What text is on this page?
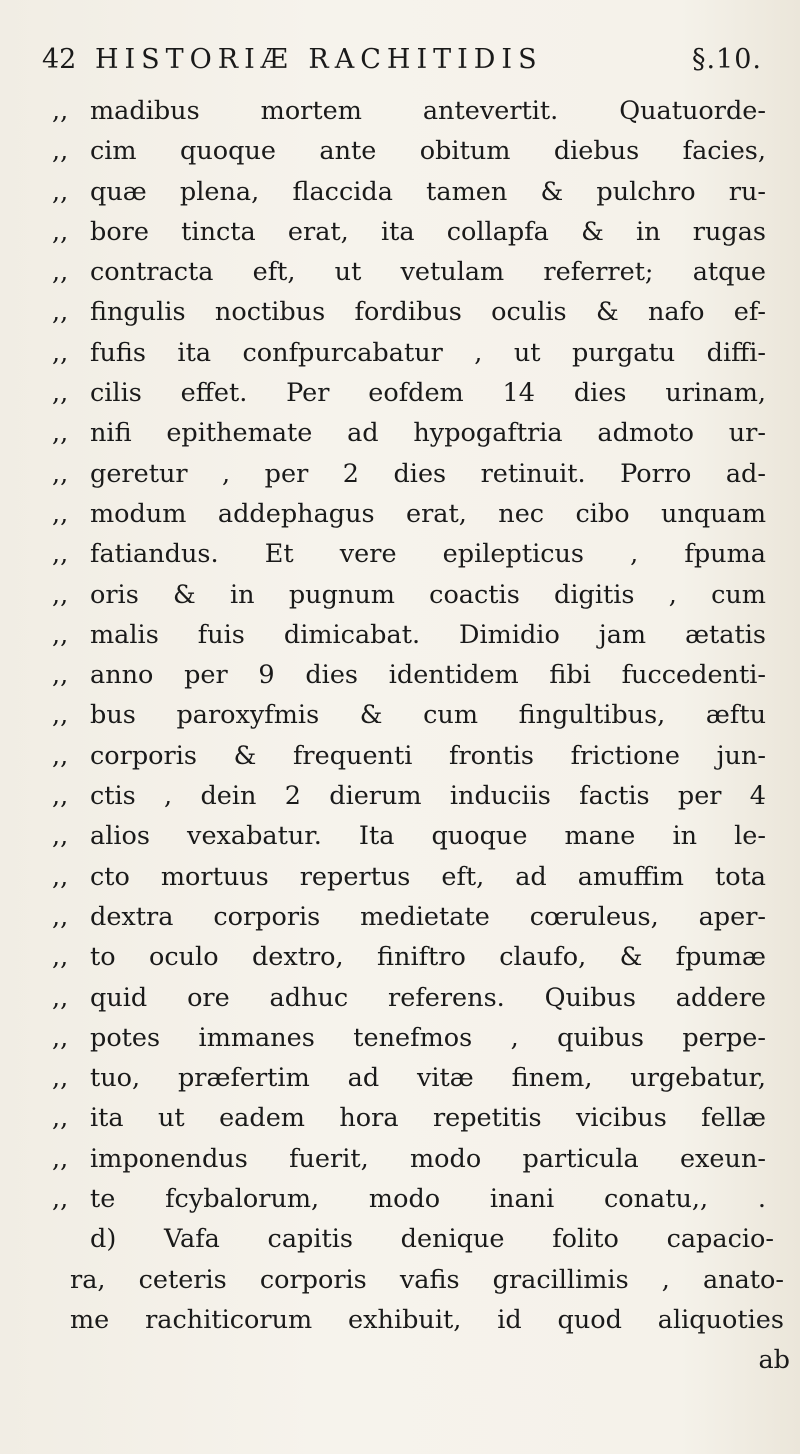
42 HISTORIÆ RACHITIDIS	§.10.
,, madibus mortem antevertit. Quatuorde-
,, cim quoque ante obitum diebus facies,
,, quæ plena, flaccida tamen & pulchro ru-
,, bore tincta erat, ita collapfa & in rugas
,, contracta eft, ut vetulam referret; atque
,, fingulis noctibus fordibus oculis & nafo ef-
,, fufis ita confpurcabatur , ut purgatu diffi-
,, cilis effet. Per eofdem 14 dies urinam,
,, nifi epithemate ad hypogaftria admoto ur-
,, geretur , per 2 dies retinuit. Porro ad-
,, modum addephagus erat, nec cibo unquam
,, fatiandus. Et vere epilepticus , fpuma
,, oris & in pugnum coactis digitis , cum
,, malis fuis dimicabat. Dimidio jam ætatis
,, anno per 9 dies identidem fibi fuccedenti-
,, bus paroxyfmis & cum fingultibus, æftu
,, corporis & frequenti frontis frictione jun-
,, ctis , dein 2 dierum induciis factis per 4
,, alios vexabatur. Ita quoque mane in le-
,, cto mortuus repertus eft, ad amuffim tota
,, dextra corporis medietate cœruleus, aper-
,, to oculo dextro, finiftro claufo, & fpumæ
,, quid ore adhuc referens. Quibus addere
,, potes immanes tenefmos , quibus perpe-
,, tuo, præfertim ad vitæ finem, urgebatur,
,, ita ut eadem hora repetitis vicibus fellæ
,, imponendus fuerit, modo particula exeun-
,, te fcybalorum, modo inani conatu,, .
d) Vafa capitis denique folito capacio-
ra, ceteris corporis vafis gracillimis , anato-
me rachiticorum exhibuit, id quod aliquoties
ab
